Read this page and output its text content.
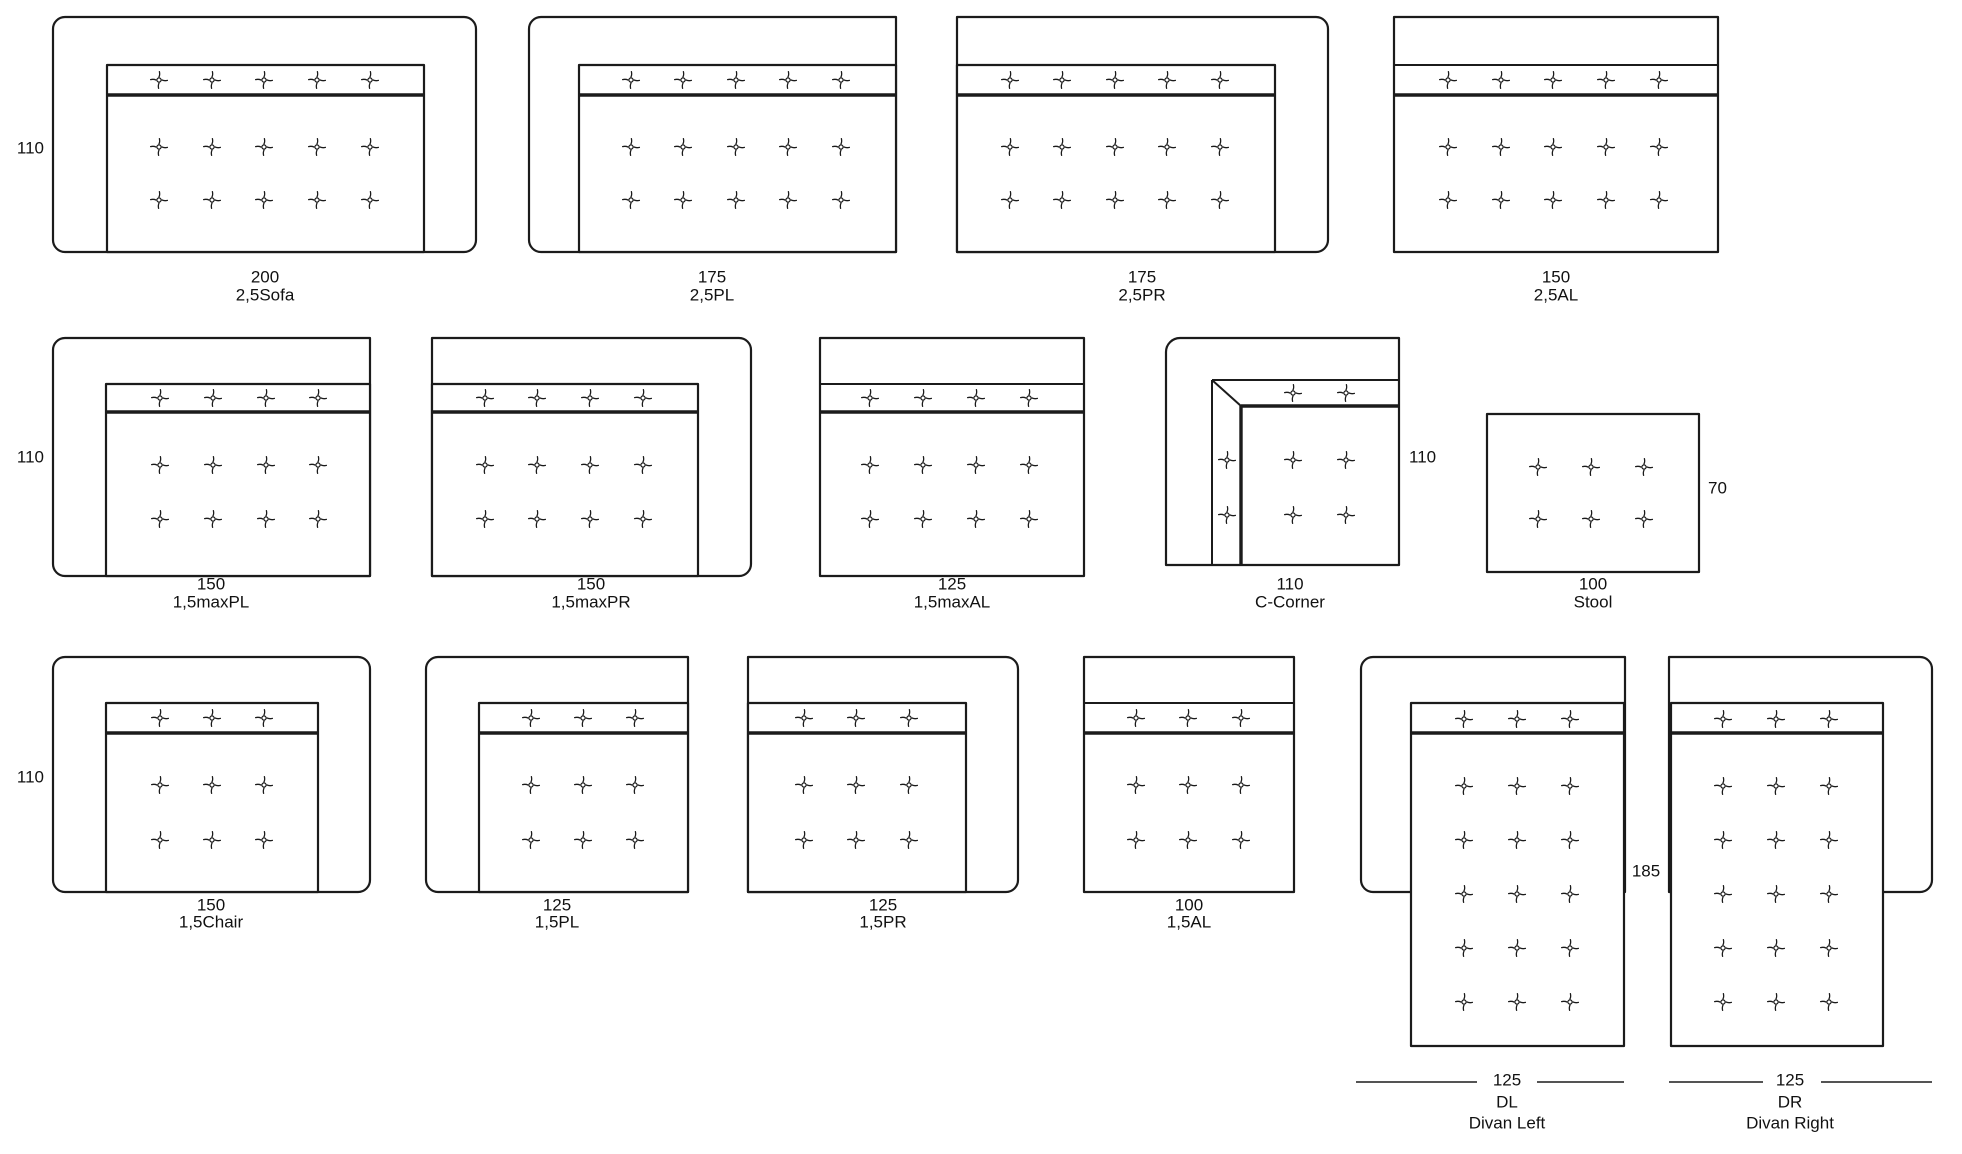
200
2,5Sofa
175
2,5PL
175
2,5PR
150
2,5AL
150
1,5maxPL
150
1,5maxPR
125
1,5maxAL
110
C-Corner
100
Stool
150
1,5Chair
125
1,5PL
125
1,5PR
100
1,5AL
125
DL
Divan Left
125
DR
Divan Right
110
110
110
110
70
185
